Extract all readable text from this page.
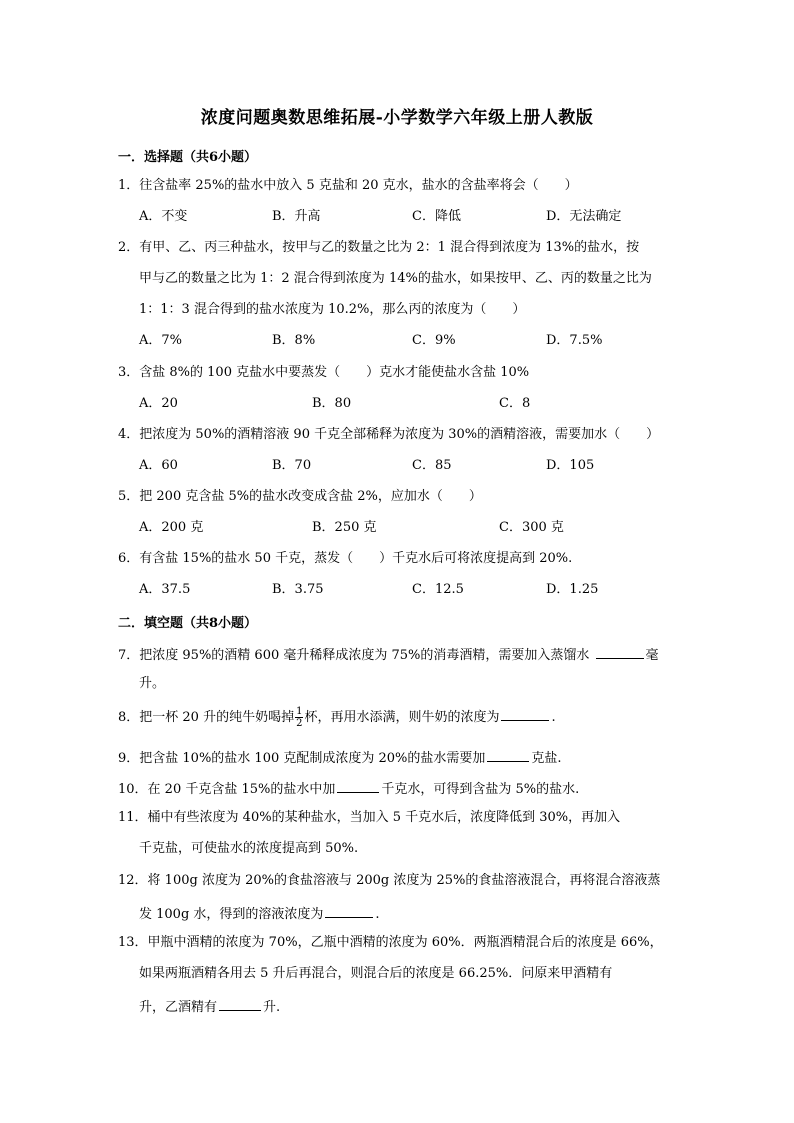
浓度问题奥数思维拓展-小学数学六年级上册人教版
一．选择题（共6小题）
1．往含盐率 25%的盐水中放入 5 克盐和 20 克水，盐水的含盐率将会（　　）
A．不变	B．升高	C．降低	D．无法确定
2．有甲、乙、丙三种盐水，按甲与乙的数量之比为 2：1 混合得到浓度为 13%的盐水，按
甲与乙的数量之比为 1：2 混合得到浓度为 14%的盐水，如果按甲、乙、丙的数量之比为
1：1：3 混合得到的盐水浓度为 10.2%，那么丙的浓度为（　　）
A．7%	B．8%	C．9%	D．7.5%
3．含盐 8%的 100 克盐水中要蒸发（　　）克水才能使盐水含盐 10%
A．20	B．80	C．8
4．把浓度为 50%的酒精溶液 90 千克全部稀释为浓度为 30%的酒精溶液，需要加水（　　）
A．60	B．70	C．85	D．105
5．把 200 克含盐 5%的盐水改变成含盐 2%，应加水（　　）
A．200 克	B．250 克	C．300 克
6．有含盐 15%的盐水 50 千克，蒸发（　　）千克水后可将浓度提高到 20%.
A．37.5	B．3.75	C．12.5	D．1.25
二．填空题（共8小题）
7．把浓度 95%的酒精 600 毫升稀释成浓度为 75%的消毒酒精，需要加入蒸馏水	毫
升。
8．把一杯 20 升的纯牛奶喝掉 $\frac{1}{2}$ 杯，再用水添满，则牛奶的浓度为	.
9．把含盐 10%的盐水 100 克配制成浓度为 20%的盐水需要加	克盐.
10．在 20 千克含盐 15%的盐水中加	千克水，可得到含盐为 5%的盐水.
11．桶中有些浓度为 40%的某种盐水，当加入 5 千克水后，浓度降低到 30%，再加入
千克盐，可使盐水的浓度提高到 50%.
12．将 100g 浓度为 20%的食盐溶液与 200g 浓度为 25%的食盐溶液混合，再将混合溶液蒸
发 100g 水，得到的溶液浓度为	.
13．甲瓶中酒精的浓度为 70%，乙瓶中酒精的浓度为 60%．两瓶酒精混合后的浓度是 66%，
如果两瓶酒精各用去 5 升后再混合，则混合后的浓度是 66.25%．问原来甲酒精有
升，乙酒精有	升.
